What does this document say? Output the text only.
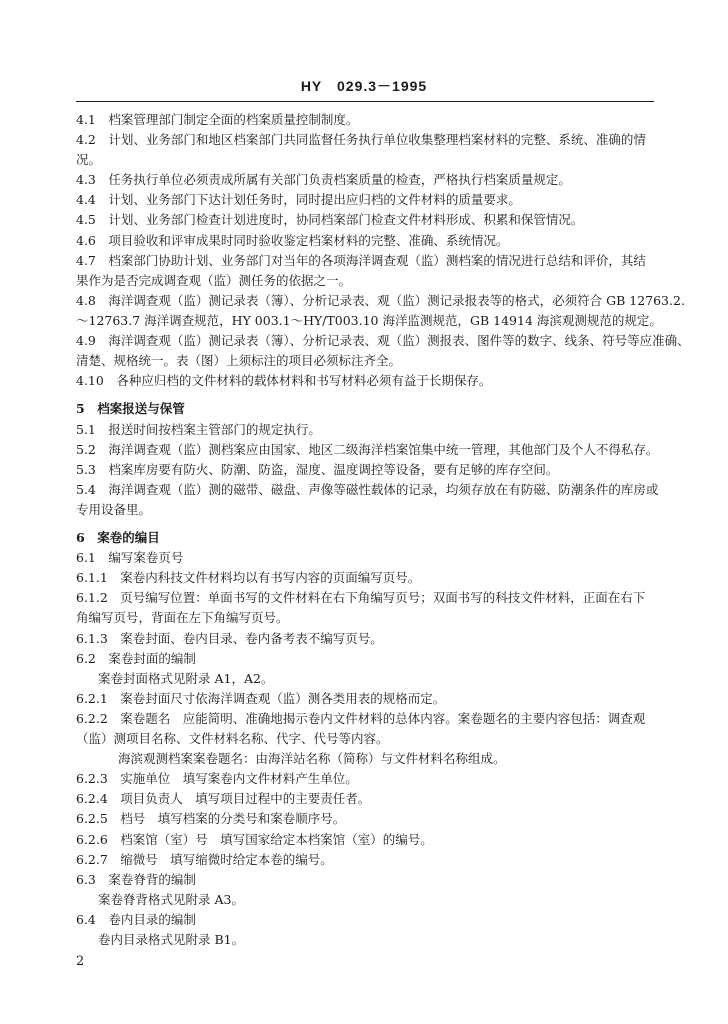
HY　029.3－1995
4.1　档案管理部门制定全面的档案质量控制制度。
4.2　计划、业务部门和地区档案部门共同监督任务执行单位收集整理档案材料的完整、系统、准确的情
况。
4.3　任务执行单位必须责成所属有关部门负责档案质量的检查，严格执行档案质量规定。
4.4　计划、业务部门下达计划任务时，同时提出应归档的文件材料的质量要求。
4.5　计划、业务部门检查计划进度时，协同档案部门检查文件材料形成、积累和保管情况。
4.6　项目验收和评审成果时同时验收鉴定档案材料的完整、准确、系统情况。
4.7　档案部门协助计划、业务部门对当年的各项海洋调查观（监）测档案的情况进行总结和评价，其结
果作为是否完成调查观（监）测任务的依据之一。
4.8　海洋调查观（监）测记录表（簿）、分析记录表、观（监）测记录报表等的格式，必须符合 GB 12763.2.
～12763.7 海洋调查规范，HY 003.1～HY/T003.10 海洋监测规范，GB 14914 海滨观测规范的规定。
4.9　海洋调查观（监）测记录表（簿）、分析记录表、观（监）测报表、图件等的数字、线条、符号等应准确、
清楚、规格统一。表（图）上须标注的项目必须标注齐全。
4.10　各种应归档的文件材料的载体材料和书写材料必须有益于长期保存。
5　档案报送与保管
5.1　报送时间按档案主管部门的规定执行。
5.2　海洋调查观（监）测档案应由国家、地区二级海洋档案馆集中统一管理，其他部门及个人不得私存。
5.3　档案库房要有防火、防潮、防盗，湿度、温度调控等设备，要有足够的库存空间。
5.4　海洋调查观（监）测的磁带、磁盘、声像等磁性载体的记录，均须存放在有防磁、防潮条件的库房或
专用设备里。
6　案卷的编目
6.1　编写案卷页号
6.1.1　案卷内科技文件材料均以有书写内容的页面编写页号。
6.1.2　页号编写位置：单面书写的文件材料在右下角编写页号；双面书写的科技文件材料，正面在右下
角编写页号，背面在左下角编写页号。
6.1.3　案卷封面、卷内目录、卷内备考表不编写页号。
6.2　案卷封面的编制
案卷封面格式见附录 A1，A2。
6.2.1　案卷封面尺寸依海洋调查观（监）测各类用表的规格而定。
6.2.2　案卷题名　应能简明、准确地揭示卷内文件材料的总体内容。案卷题名的主要内容包括：调查观
（监）测项目名称、文件材料名称、代字、代号等内容。
海滨观测档案案卷题名：由海洋站名称（简称）与文件材料名称组成。
6.2.3　实施单位　填写案卷内文件材料产生单位。
6.2.4　项目负责人　填写项目过程中的主要责任者。
6.2.5　档号　填写档案的分类号和案卷顺序号。
6.2.6　档案馆（室）号　填写国家给定本档案馆（室）的编号。
6.2.7　缩微号　填写缩微时给定本卷的编号。
6.3　案卷脊背的编制
案卷脊背格式见附录 A3。
6.4　卷内目录的编制
卷内目录格式见附录 B1。
2
